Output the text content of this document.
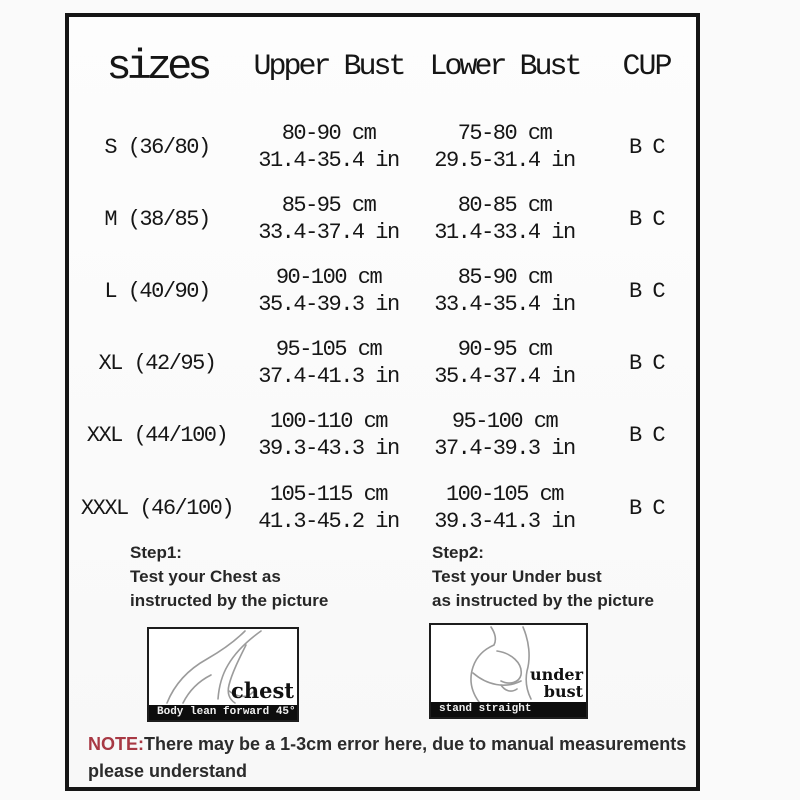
sizes	Upper Bust Lower Bust	CUP
S (36/80)
80-90 cm
31.4-35.4 in
75-80 cm
29.5-31.4 in
B C
M (38/85)
85-95 cm
33.4-37.4 in
80-85 cm
31.4-33.4 in
B C
L (40/90)
90-100 cm
35.4-39.3 in
85-90 cm
33.4-35.4 in
B C
XL (42/95)
95-105 cm
37.4-41.3 in
90-95 cm
35.4-37.4 in
B C
XXL (44/100)
100-110 cm
39.3-43.3 in
95-100 cm
37.4-39.3 in
B C
XXXL (46/100)
105-115 cm
41.3-45.2 in
100-105 cm
39.3-41.3 in
B C
Step1:
Test your Chest as
instructed by the picture
Step2:
Test your Under bust
as instructed by the picture
chest
Body lean forward 45°
under bust
stand straight
NOTE:There may be a 1-3cm error here, due to manual measurements
please understand
